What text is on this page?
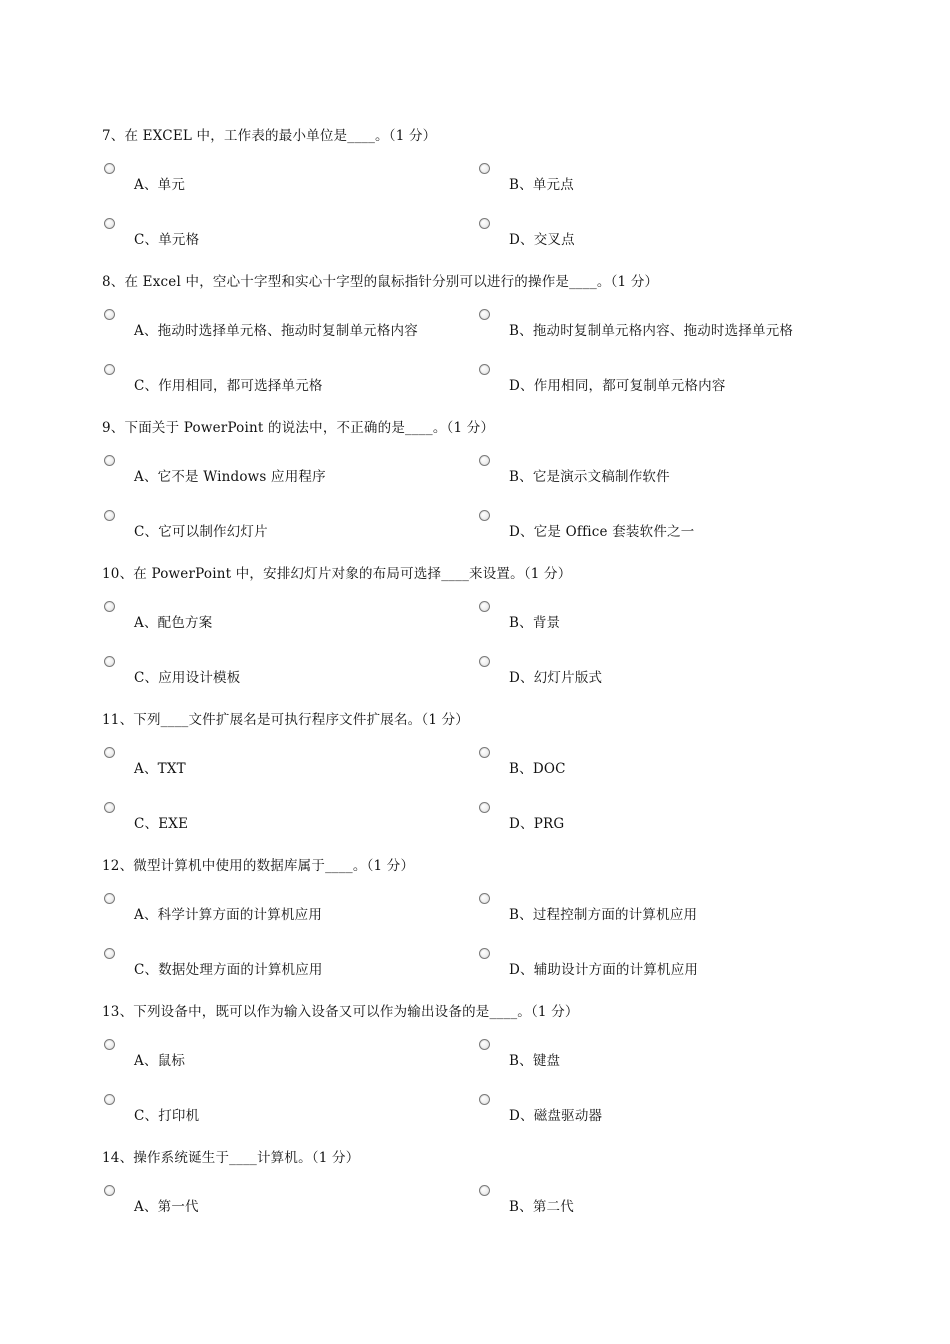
7、在 EXCEL 中，工作表的最小单位是____。（1 分）
A、单元	B、单元点
C、单元格	D、交叉点
8、在 Excel 中，空心十字型和实心十字型的鼠标指针分别可以进行的操作是____。（1 分）
A、拖动时选择单元格、拖动时复制单元格内容	B、拖动时复制单元格内容、拖动时选择单元格
C、作用相同，都可选择单元格	D、作用相同，都可复制单元格内容
9、下面关于 PowerPoint 的说法中，不正确的是____。（1 分）
A、它不是 Windows 应用程序	B、它是演示文稿制作软件
C、它可以制作幻灯片	D、它是 Office 套装软件之一
10、在 PowerPoint 中，安排幻灯片对象的布局可选择____来设置。（1 分）
A、配色方案	B、背景
C、应用设计模板	D、幻灯片版式
11、下列____文件扩展名是可执行程序文件扩展名。（1 分）
A、TXT	B、DOC
C、EXE	D、PRG
12、微型计算机中使用的数据库属于____。（1 分）
A、科学计算方面的计算机应用	B、过程控制方面的计算机应用
C、数据处理方面的计算机应用	D、辅助设计方面的计算机应用
13、下列设备中，既可以作为输入设备又可以作为输出设备的是____。（1 分）
A、鼠标	B、键盘
C、打印机	D、磁盘驱动器
14、操作系统诞生于____计算机。（1 分）
A、第一代	B、第二代
